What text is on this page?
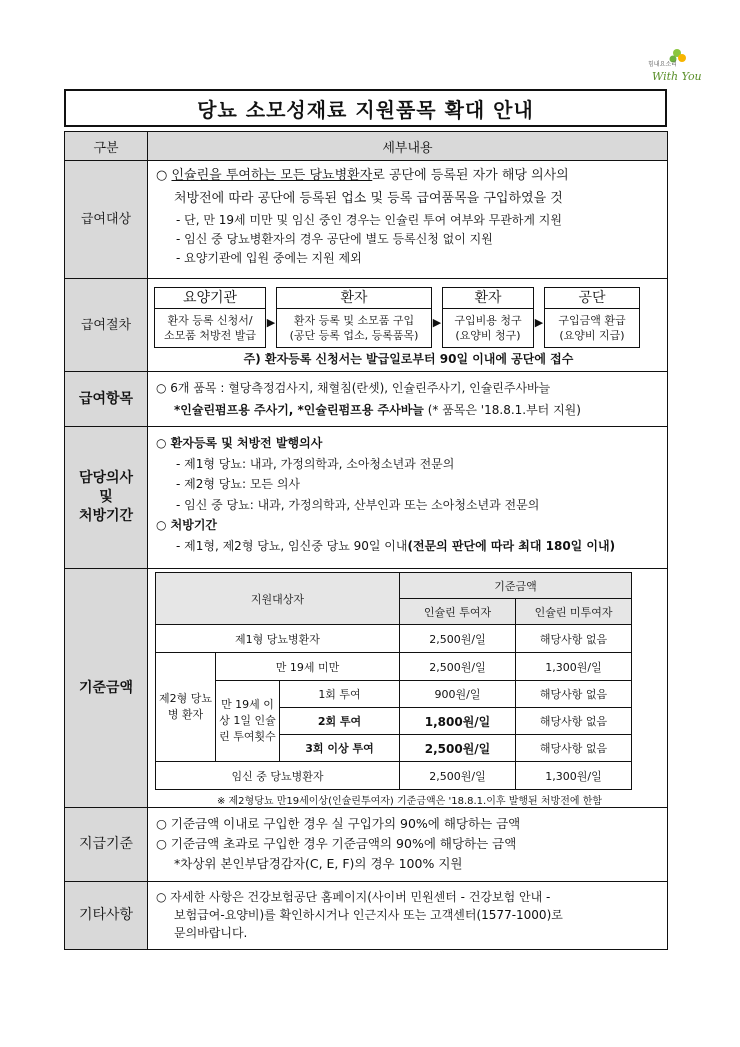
힘내요소리
With You
당뇨 소모성재료 지원품목 확대 안내
구분	세부내용
급여대상	
○ 인슐린을 투여하는 모든 당뇨병환자로 공단에 등록된 자가 해당 의사의
처방전에 따라 공단에 등록된 업소 및 등록 급여품목을 구입하였을 것
- 단, 만 19세 미만 및 임신 중인 경우는 인슐린 투여 여부와 무관하게 지원
- 임신 중 당뇨병환자의 경우 공단에 별도 등록신청 없이 지원
- 요양기관에 입원 중에는 지원 제외

급여절차	
요양기관
환자 등록 신청서/
소모품 처방전 발급
▶
환자
환자 등록 및 소모품 구입
(공단 등록 업소, 등록품목)
▶
환자
구입비용 청구
(요양비 청구)
▶
공단
구입금액 환급
(요양비 지급)
주) 환자등록 신청서는 발급일로부터 90일 이내에 공단에 접수

급여항목	
○ 6개 품목 : 혈당측정검사지, 채혈침(란셋), 인슐린주사기, 인슐린주사바늘
*인슐린펌프용 주사기, *인슐린펌프용 주사바늘 (* 품목은 '18.8.1.부터 지원)

담당의사
및
처방기간	
○ 환자등록 및 처방전 발행의사
- 제1형 당뇨: 내과, 가정의학과, 소아청소년과 전문의
- 제2형 당뇨: 모든 의사
- 임신 중 당뇨: 내과, 가정의학과, 산부인과 또는 소아청소년과 전문의
○ 처방기간
- 제1형, 제2형 당뇨, 임신중 당뇨 90일 이내(전문의 판단에 따라 최대 180일 이내)

기준금액	
지원대상자	기준금액
인슐린 투여자	인슐린 미투여자
제1형 당뇨병환자	2,500원/일	해당사항 없음
제2형 당뇨병 환자	만 19세 미만	2,500원/일	1,300원/일
만 19세 이상 1일 인슐린 투여횟수	1회 투여	900원/일	해당사항 없음
2회 투여	1,800원/일	해당사항 없음
3회 이상 투여	2,500원/일	해당사항 없음
임신 중 당뇨병환자	2,500원/일	1,300원/일
※ 제2형당뇨 만19세이상(인슐린투여자) 기준금액은 '18.8.1.이후 발행된 처방전에 한함

지급기준	
○ 기준금액 이내로 구입한 경우 실 구입가의 90%에 해당하는 금액
○ 기준금액 초과로 구입한 경우 기준금액의 90%에 해당하는 금액
*차상위 본인부담경감자(C, E, F)의 경우 100% 지원

기타사항	
○ 자세한 사항은 건강보험공단 홈페이지(사이버 민원센터 - 건강보험 안내 -
보험급여-요양비)를 확인하시거나 인근지사 또는 고객센터(1577-1000)로
문의바랍니다.
